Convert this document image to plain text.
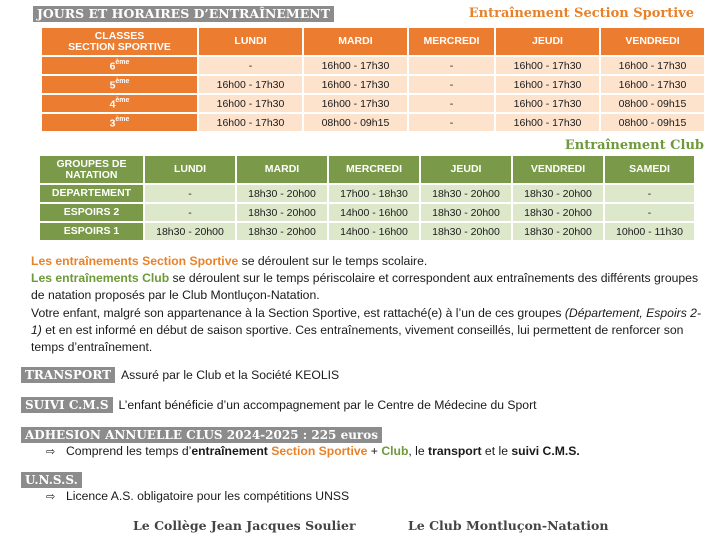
JOURS ET HORAIRES D’ENTRAÎNEMENT	Entraînement Section Sportive
CLASSES
SECTION SPORTIVE	LUNDI	MARDI	MERCREDI	JEUDI	VENDREDI
6ème	-	16h00 - 17h30	-	16h00 - 17h30	16h00 - 17h30
5ème	16h00 - 17h30	16h00 - 17h30	-	16h00 - 17h30	16h00 - 17h30
4ème	16h00 - 17h30	16h00 - 17h30	-	16h00 - 17h30	08h00 - 09h15
3ème	16h00 - 17h30	08h00 - 09h15	-	16h00 - 17h30	08h00 - 09h15
Entraînement Club
GROUPES DE
NATATION	LUNDI	MARDI	MERCREDI	JEUDI	VENDREDI	SAMEDI
DEPARTEMENT	-	18h30 - 20h00	17h00 - 18h30	18h30 - 20h00	18h30 - 20h00	-
ESPOIRS 2	-	18h30 - 20h00	14h00 - 16h00	18h30 - 20h00	18h30 - 20h00	-
ESPOIRS 1	18h30 - 20h00	18h30 - 20h00	14h00 - 16h00	18h30 - 20h00	18h30 - 20h00	10h00 - 11h30
Les entraînements Section Sportive se déroulent sur le temps scolaire.
Les entraînements Club se déroulent sur le temps périscolaire et correspondent aux entraînements des différents groupes de natation proposés par le Club Montluçon-Natation.
Votre enfant, malgré son appartenance à la Section Sportive, est rattaché(e) à l’un de ces groupes (Département, Espoirs 2-1) et en est informé en début de saison sportive. Ces entraînements, vivement conseillés, lui permettent de renforcer son temps d’entraînement.
TRANSPORT Assuré par le Club et la Société KEOLIS
SUIVI C.M.S L’enfant bénéficie d’un accompagnement par le Centre de Médecine du Sport
ADHESION ANNUELLE CLUS 2024-2025 : 225 euros
⇨ Comprend les temps d’entraînement Section Sportive + Club, le transport et le suivi C.M.S.
U.N.S.S.
⇨ Licence A.S. obligatoire pour les compétitions UNSS
Le Collège Jean Jacques Soulier	Le Club Montluçon-Natation
